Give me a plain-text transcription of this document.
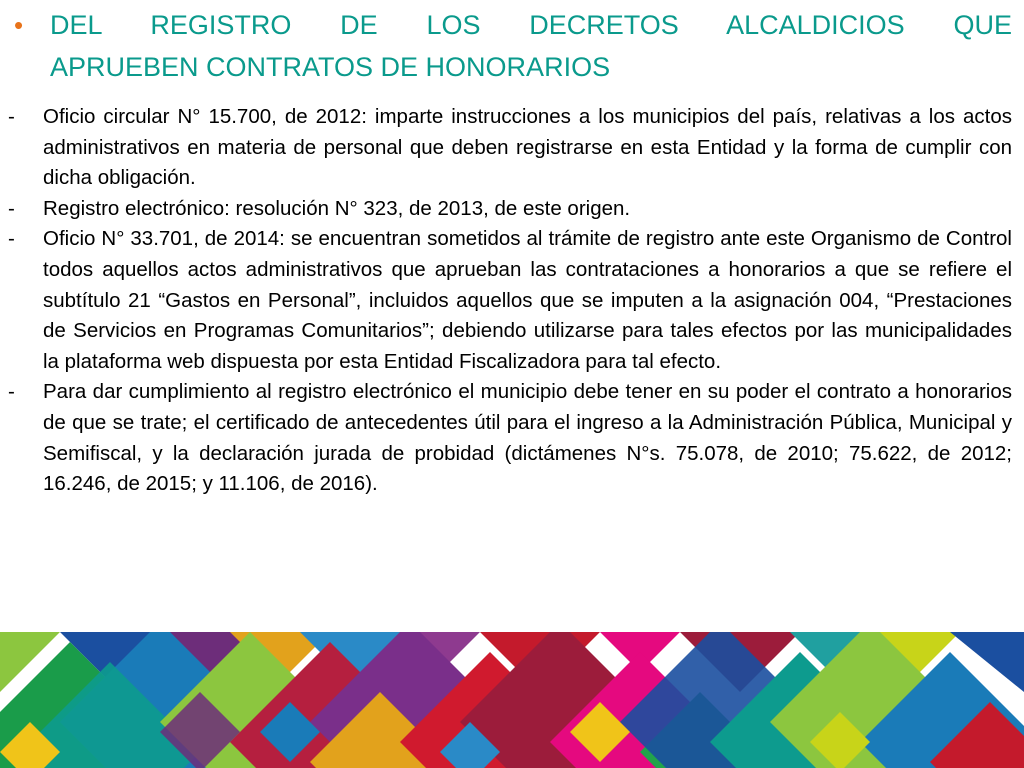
• DEL REGISTRO DE LOS DECRETOS ALCALDICIOS QUE
APRUEBEN CONTRATOS DE HONORARIOS
- Oficio circular N° 15.700, de 2012: imparte instrucciones a los municipios del país, relativas a los actos administrativos en materia de personal que deben registrarse en esta Entidad y la forma de cumplir con dicha obligación.
- Registro electrónico: resolución N° 323, de 2013, de este origen.
- Oficio N° 33.701, de 2014: se encuentran sometidos al trámite de registro ante este Organismo de Control todos aquellos actos administrativos que aprueban las contrataciones a honorarios a que se refiere el subtítulo 21 “Gastos en Personal”, incluidos aquellos que se imputen a la asignación 004, “Prestaciones de Servicios en Programas Comunitarios”; debiendo utilizarse para tales efectos por las municipalidades la plataforma web dispuesta por esta Entidad Fiscalizadora para tal efecto.
- Para dar cumplimiento al registro electrónico el municipio debe tener en su poder el contrato a honorarios de que se trate; el certificado de antecedentes útil para el ingreso a la Administración Pública, Municipal y Semifiscal, y la declaración jurada de probidad (dictámenes N°s. 75.078, de 2010; 75.622, de 2012; 16.246, de 2015; y 11.106, de 2016).
